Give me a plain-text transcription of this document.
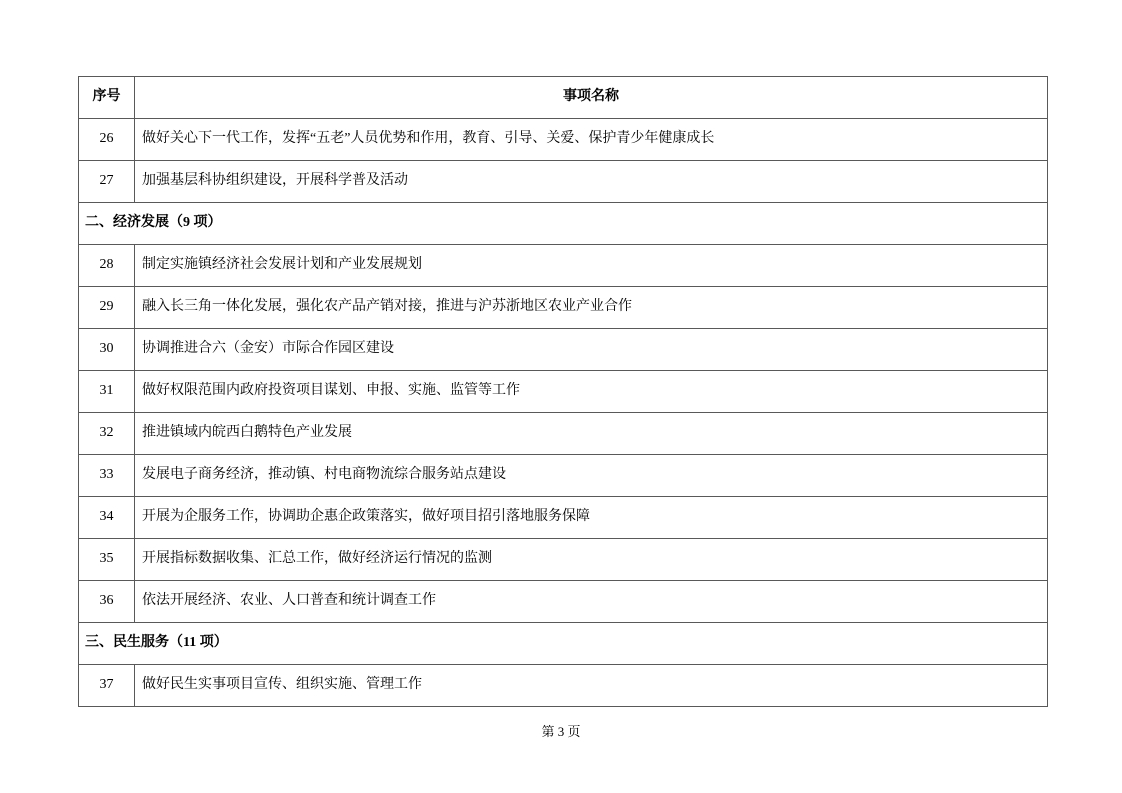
序号	事项名称
26	做好关心下一代工作，发挥“五老”人员优势和作用，教育、引导、关爱、保护青少年健康成长
27	加强基层科协组织建设，开展科学普及活动
二、经济发展（9 项）	
28	制定实施镇经济社会发展计划和产业发展规划
29	融入长三角一体化发展，强化农产品产销对接，推进与沪苏浙地区农业产业合作
30	协调推进合六（金安）市际合作园区建设
31	做好权限范围内政府投资项目谋划、申报、实施、监管等工作
32	推进镇域内皖西白鹅特色产业发展
33	发展电子商务经济，推动镇、村电商物流综合服务站点建设
34	开展为企服务工作，协调助企惠企政策落实，做好项目招引落地服务保障
35	开展指标数据收集、汇总工作，做好经济运行情况的监测
36	依法开展经济、农业、人口普查和统计调查工作
三、民生服务（11 项）	
37	做好民生实事项目宣传、组织实施、管理工作
第 3 页
